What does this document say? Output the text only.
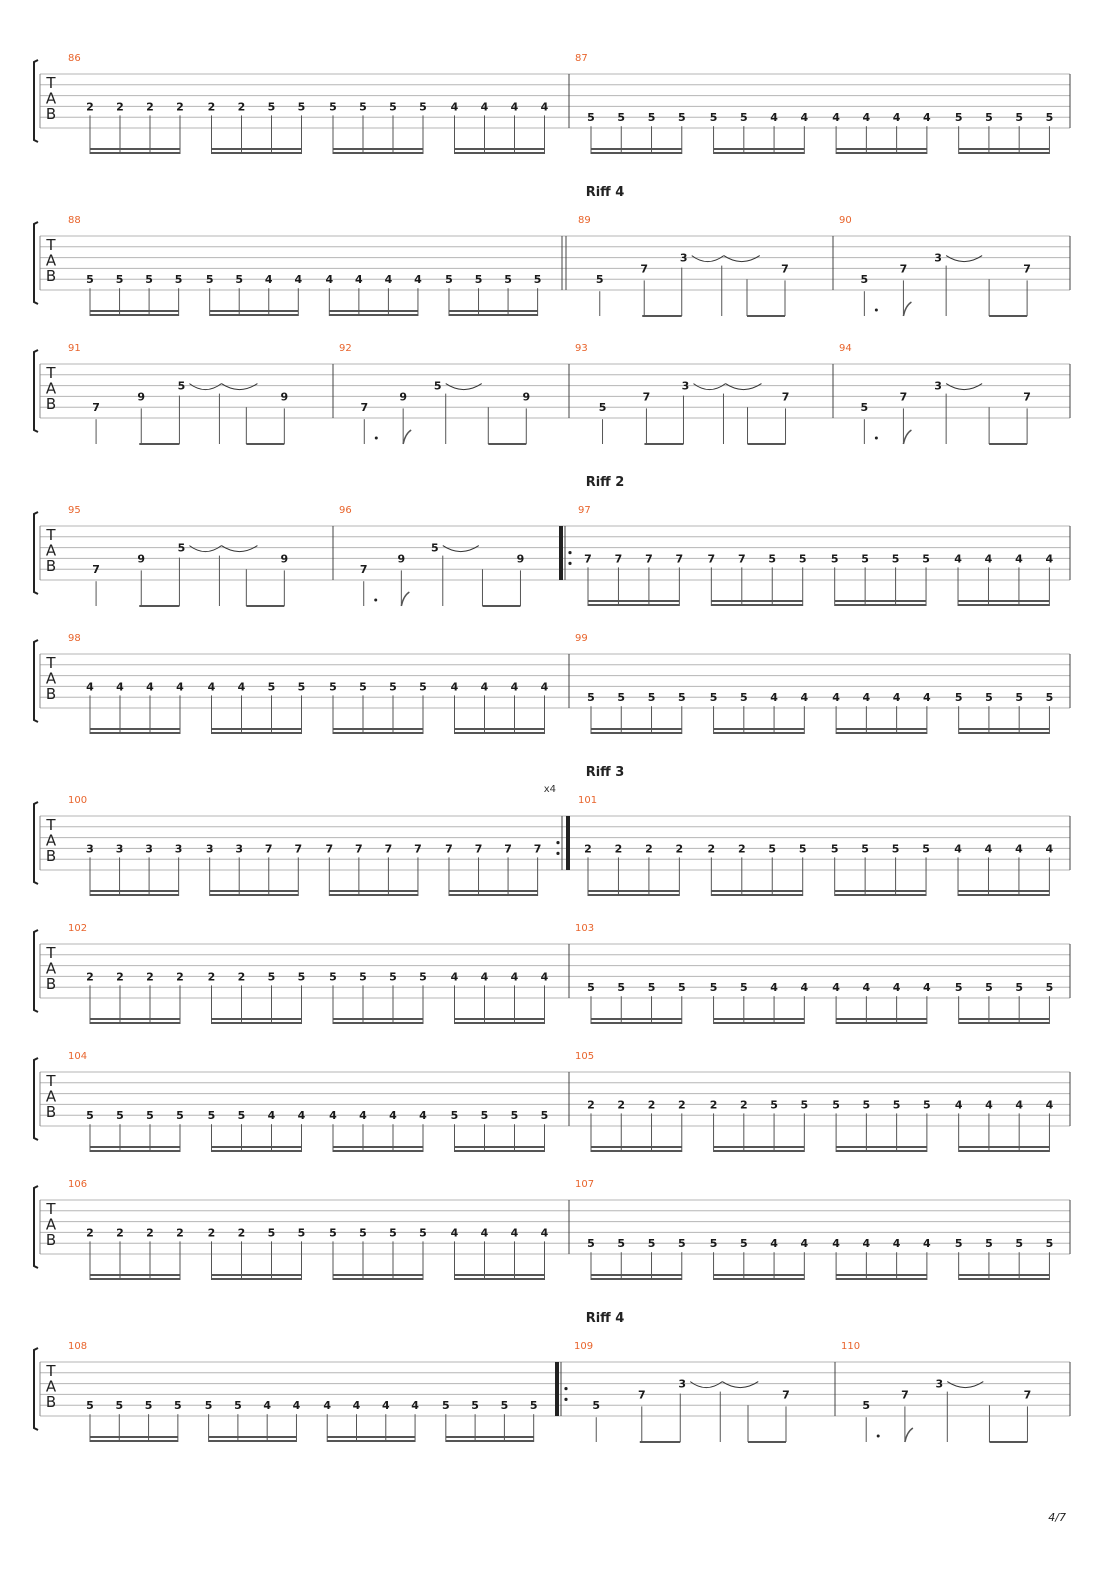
T
A
B
86
2 2 2 2 2 2 5 5 5 5 5 5 4 4 4 4
87
5 5 5 5 5 5 4 4 4 4 4 4 5 5 5 5
Riff 4
T
A
B
88
5 5 5 5 5 5 4 4 4 4 4 4 5 5 5 5
89
5
7
3
7
90
5
7
3
7
T
A
B
91
7
9
5
9
92
7
9
5
9
93
5
7
3
7
94
5
7
3
7
Riff 2
T
A
B
95
7
9
5
9
96
7
9
5
9
97
7 7 7 7 7 7 5 5 5 5 5 5 4 4 4 4
T
A
B
98
4 4 4 4 4 4 5 5 5 5 5 5 4 4 4 4
99
5 5 5 5 5 5 4 4 4 4 4 4 5 5 5 5
Riff 3
T
A
B
100
x4
3 3 3 3 3 3 7 7 7 7 7 7 7 7 7 7
101
2 2 2 2 2 2 5 5 5 5 5 5 4 4 4 4
T
A
B
102
2 2 2 2 2 2 5 5 5 5 5 5 4 4 4 4
103
5 5 5 5 5 5 4 4 4 4 4 4 5 5 5 5
T
A
B
104
5 5 5 5 5 5 4 4 4 4 4 4 5 5 5 5
105
2 2 2 2 2 2 5 5 5 5 5 5 4 4 4 4
T
A
B
106
2 2 2 2 2 2 5 5 5 5 5 5 4 4 4 4
107
5 5 5 5 5 5 4 4 4 4 4 4 5 5 5 5
Riff 4
T
A
B
108
5 5 5 5 5 5 4 4 4 4 4 4 5 5 5 5
109
5
7
3
7
110
5
7
3
7
4/7
